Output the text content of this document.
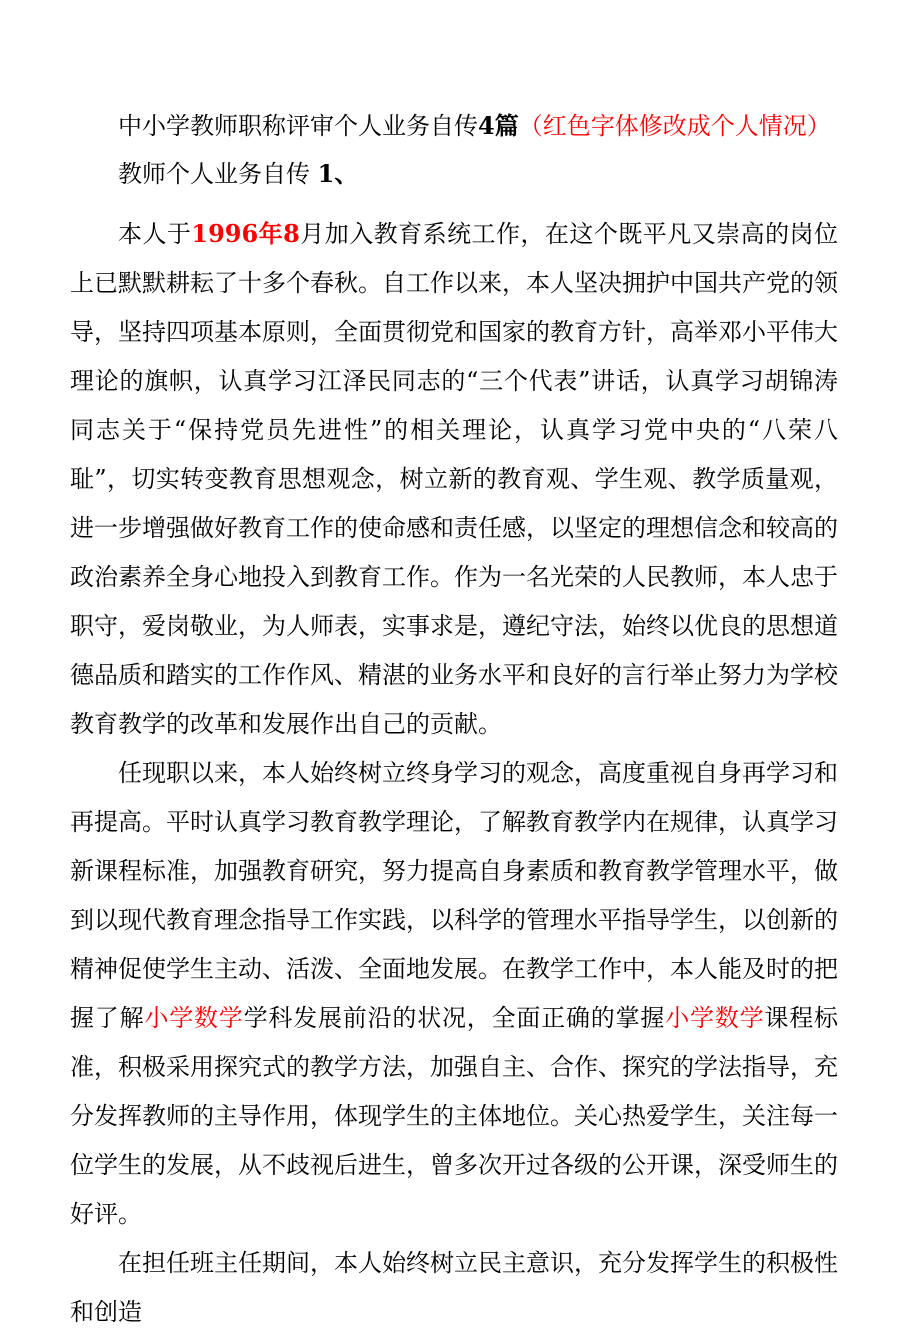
中小学教师职称评审个人业务自传4篇（红色字体修改成个人情况）

教师个人业务自传 1、

本人于1996年8月加入教育系统工作，在这个既平凡又崇高的岗位上已默默耕耘了十多个春秋。自工作以来，本人坚决拥护中国共产党的领导，坚持四项基本原则，全面贯彻党和国家的教育方针，高举邓小平伟大理论的旗帜，认真学习江泽民同志的“三个代表”讲话，认真学习胡锦涛同志关于“保持党员先进性”的相关理论，认真学习党中央的“八荣八耻”，切实转变教育思想观念，树立新的教育观、学生观、教学质量观，进一步增强做好教育工作的使命感和责任感，以坚定的理想信念和较高的政治素养全身心地投入到教育工作。作为一名光荣的人民教师，本人忠于职守，爱岗敬业，为人师表，实事求是，遵纪守法，始终以优良的思想道德品质和踏实的工作作风、精湛的业务水平和良好的言行举止努力为学校教育教学的改革和发展作出自己的贡献。

任现职以来，本人始终树立终身学习的观念，高度重视自身再学习和再提高。平时认真学习教育教学理论，了解教育教学内在规律，认真学习新课程标准，加强教育研究，努力提高自身素质和教育教学管理水平，做到以现代教育理念指导工作实践，以科学的管理水平指导学生，以创新的精神促使学生主动、活泼、全面地发展。在教学工作中，本人能及时的把握了解小学数学学科发展前沿的状况，全面正确的掌握小学数学课程标准，积极采用探究式的教学方法，加强自主、合作、探究的学法指导，充分发挥教师的主导作用，体现学生的主体地位。关心热爱学生，关注每一位学生的发展，从不歧视后进生，曾多次开过各级的公开课，深受师生的好评。

在担任班主任期间，本人始终树立民主意识，充分发挥学生的积极性和创造
